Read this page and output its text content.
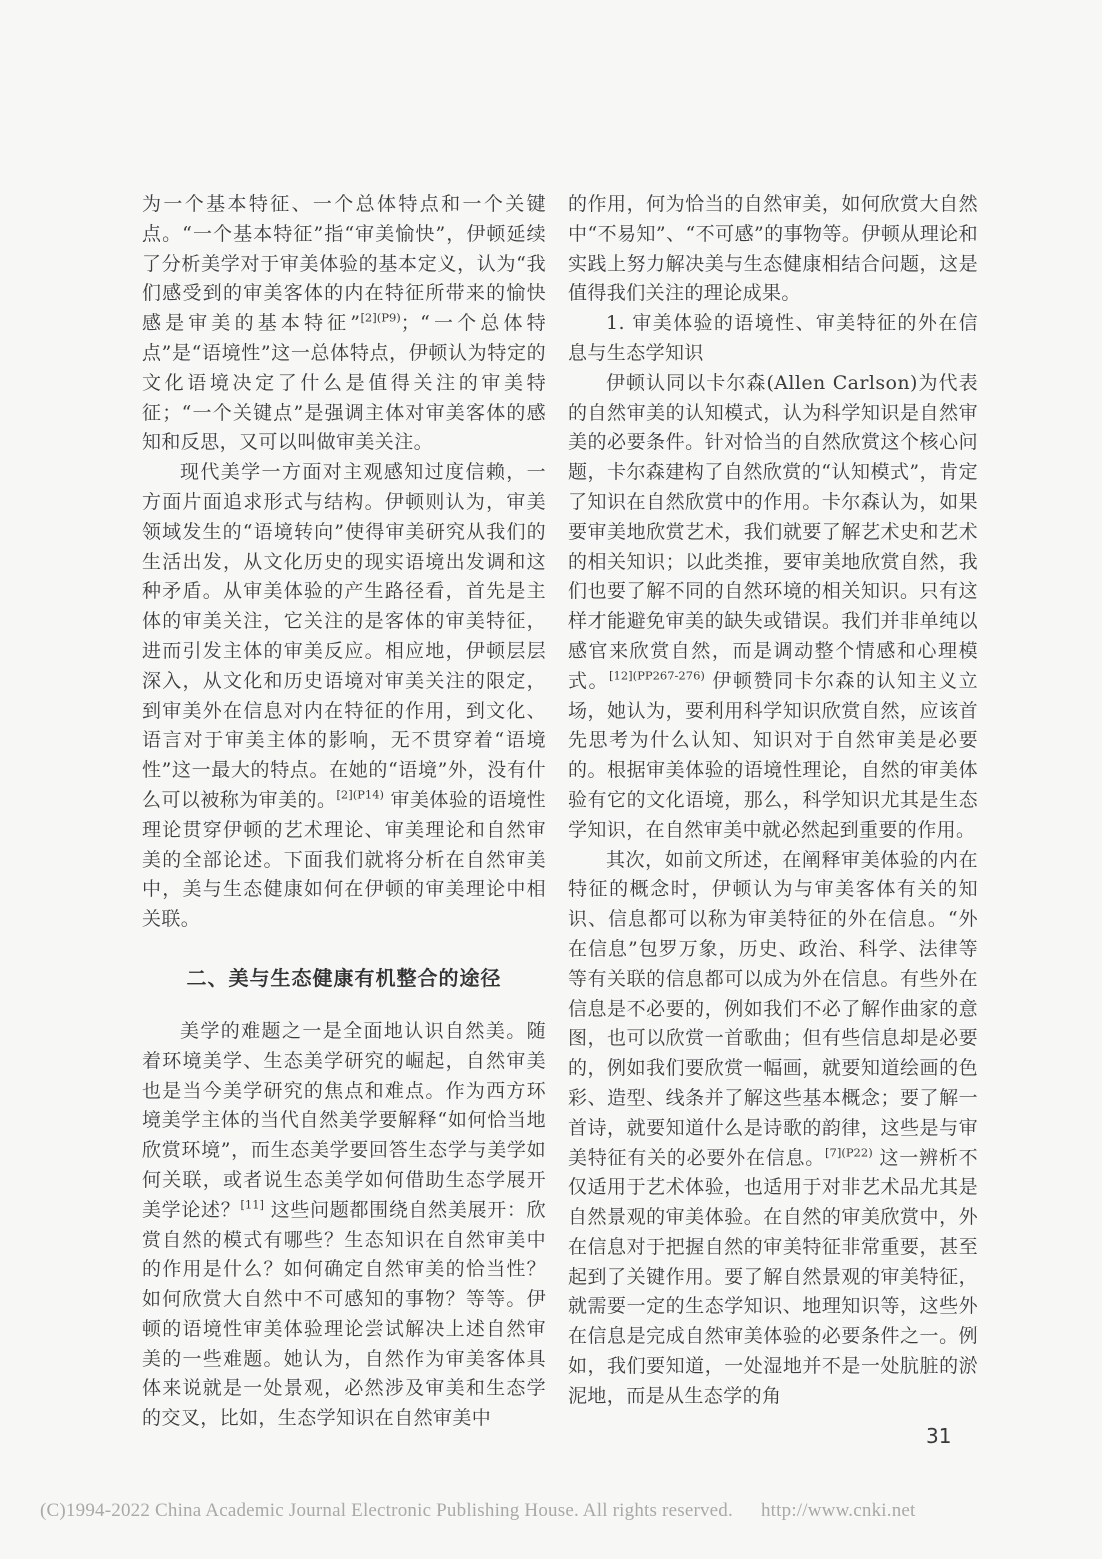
为一个基本特征、一个总体特点和一个关键点。“一个基本特征”指“审美愉快”，伊顿延续了分析美学对于审美体验的基本定义，认为“我们感受到的审美客体的内在特征所带来的愉快感是审美的基本特征”$^{[2](P9)}$；“一个总体特点”是“语境性”这一总体特点，伊顿认为特定的文化语境决定了什么是值得关注的审美特征；“一个关键点”是强调主体对审美客体的感知和反思，又可以叫做审美关注。

现代美学一方面对主观感知过度信赖，一方面片面追求形式与结构。伊顿则认为，审美领域发生的“语境转向”使得审美研究从我们的生活出发，从文化历史的现实语境出发调和这种矛盾。从审美体验的产生路径看，首先是主体的审美关注，它关注的是客体的审美特征，进而引发主体的审美反应。相应地，伊顿层层深入，从文化和历史语境对审美关注的限定，到审美外在信息对内在特征的作用，到文化、语言对于审美主体的影响，无不贯穿着“语境性”这一最大的特点。在她的“语境”外，没有什么可以被称为审美的。$^{[2](P14)}$ 审美体验的语境性理论贯穿伊顿的艺术理论、审美理论和自然审美的全部论述。下面我们就将分析在自然审美中，美与生态健康如何在伊顿的审美理论中相关联。

二、美与生态健康有机整合的途径

美学的难题之一是全面地认识自然美。随着环境美学、生态美学研究的崛起，自然审美也是当今美学研究的焦点和难点。作为西方环境美学主体的当代自然美学要解释“如何恰当地欣赏环境”，而生态美学要回答生态学与美学如何关联，或者说生态美学如何借助生态学展开美学论述？[11] 这些问题都围绕自然美展开：欣赏自然的模式有哪些？生态知识在自然审美中的作用是什么？如何确定自然审美的恰当性？如何欣赏大自然中不可感知的事物？等等。伊顿的语境性审美体验理论尝试解决上述自然审美的一些难题。她认为，自然作为审美客体具体来说就是一处景观，必然涉及审美和生态学的交叉，比如，生态学知识在自然审美中

的作用，何为恰当的自然审美，如何欣赏大自然中“不易知”、“不可感”的事物等。伊顿从理论和实践上努力解决美与生态健康相结合问题，这是值得我们关注的理论成果。

1. 审美体验的语境性、审美特征的外在信息与生态学知识

伊顿认同以卡尔森(Allen Carlson)为代表的自然审美的认知模式，认为科学知识是自然审美的必要条件。针对恰当的自然欣赏这个核心问题，卡尔森建构了自然欣赏的“认知模式”，肯定了知识在自然欣赏中的作用。卡尔森认为，如果要审美地欣赏艺术，我们就要了解艺术史和艺术的相关知识；以此类推，要审美地欣赏自然，我们也要了解不同的自然环境的相关知识。只有这样才能避免审美的缺失或错误。我们并非单纯以感官来欣赏自然，而是调动整个情感和心理模式。$^{[12](PP267-276)}$ 伊顿赞同卡尔森的认知主义立场，她认为，要利用科学知识欣赏自然，应该首先思考为什么认知、知识对于自然审美是必要的。根据审美体验的语境性理论，自然的审美体验有它的文化语境，那么，科学知识尤其是生态学知识，在自然审美中就必然起到重要的作用。

其次，如前文所述，在阐释审美体验的内在特征的概念时，伊顿认为与审美客体有关的知识、信息都可以称为审美特征的外在信息。“外在信息”包罗万象，历史、政治、科学、法律等等有关联的信息都可以成为外在信息。有些外在信息是不必要的，例如我们不必了解作曲家的意图，也可以欣赏一首歌曲；但有些信息却是必要的，例如我们要欣赏一幅画，就要知道绘画的色彩、造型、线条并了解这些基本概念；要了解一首诗，就要知道什么是诗歌的韵律，这些是与审美特征有关的必要外在信息。$^{[7](P22)}$ 这一辨析不仅适用于艺术体验，也适用于对非艺术品尤其是自然景观的审美体验。在自然的审美欣赏中，外在信息对于把握自然的审美特征非常重要，甚至起到了关键作用。要了解自然景观的审美特征，就需要一定的生态学知识、地理知识等，这些外在信息是完成自然审美体验的必要条件之一。例如，我们要知道，一处湿地并不是一处肮脏的淤泥地，而是从生态学的角

31
(C)1994-2022 China Academic Journal Electronic Publishing House. All rights reserved. http://www.cnki.net
